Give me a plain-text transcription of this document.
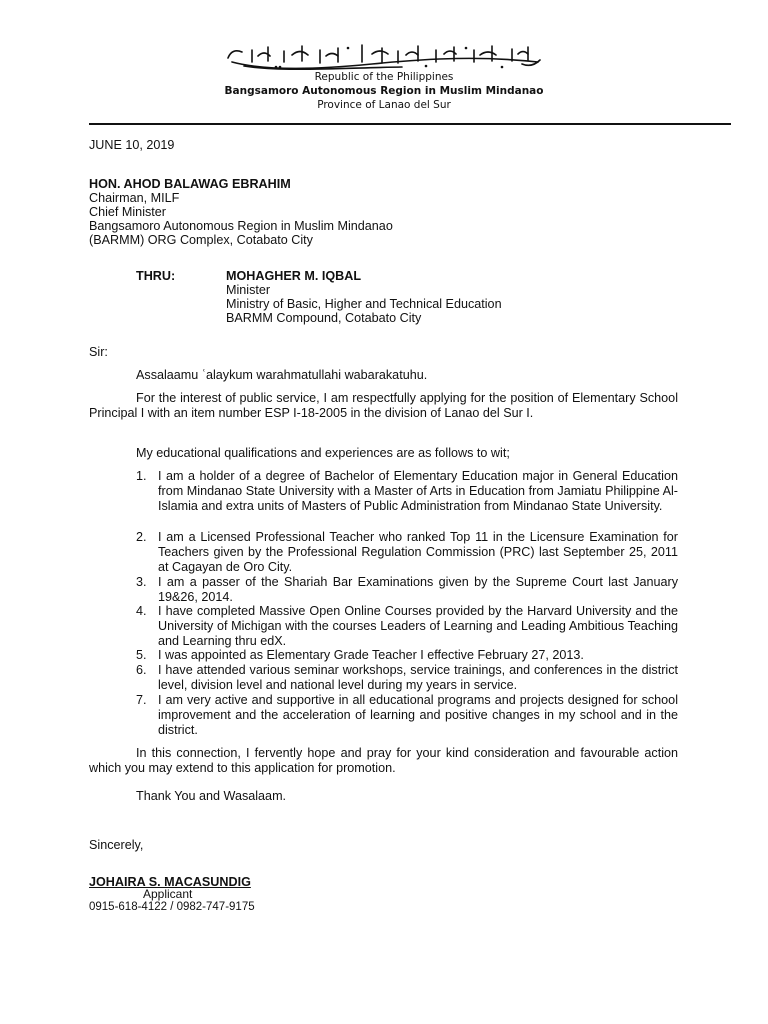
Republic of the Philippines
Bangsamoro Autonomous Region in Muslim Mindanao
Province of Lanao del Sur
JUNE 10, 2019
HON. AHOD BALAWAG EBRAHIM
Chairman, MILF
Chief Minister
Bangsamoro Autonomous Region in Muslim Mindanao
(BARMM) ORG Complex, Cotabato City
THRU:	MOHAGHER M. IQBAL
Minister
Ministry of Basic, Higher and Technical Education
BARMM Compound, Cotabato City
Sir:
Assalaamu ʿalaykum warahmatullahi wabarakatuhu.
For the interest of public service, I am respectfully applying for the position of Elementary School Principal I with an item number ESP I-18-2005 in the division of Lanao del Sur I.
My educational qualifications and experiences are as follows to wit;
1. I am a holder of a degree of Bachelor of Elementary Education major in General Education from Mindanao State University with a Master of Arts in Education from Jamiatu Philippine Al-Islamia and extra units of Masters of Public Administration from Mindanao State University.
2. I am a Licensed Professional Teacher who ranked Top 11 in the Licensure Examination for Teachers given by the Professional Regulation Commission (PRC) last September 25, 2011 at Cagayan de Oro City.
3. I am a passer of the Shariah Bar Examinations given by the Supreme Court last January 19&26, 2014.
4. I have completed Massive Open Online Courses provided by the Harvard University and the University of Michigan with the courses Leaders of Learning and Leading Ambitious Teaching and Learning thru edX.
5. I was appointed as Elementary Grade Teacher I effective February 27, 2013.
6. I have attended various seminar workshops, service trainings, and conferences in the district level, division level and national level during my years in service.
7. I am very active and supportive in all educational programs and projects designed for school improvement and the acceleration of learning and positive changes in my school and in the district.
In this connection, I fervently hope and pray for your kind consideration and favourable action which you may extend to this application for promotion.
Thank You and Wasalaam.
Sincerely,
JOHAIRA S. MACASUNDIG
Applicant
0915-618-4122 / 0982-747-9175
